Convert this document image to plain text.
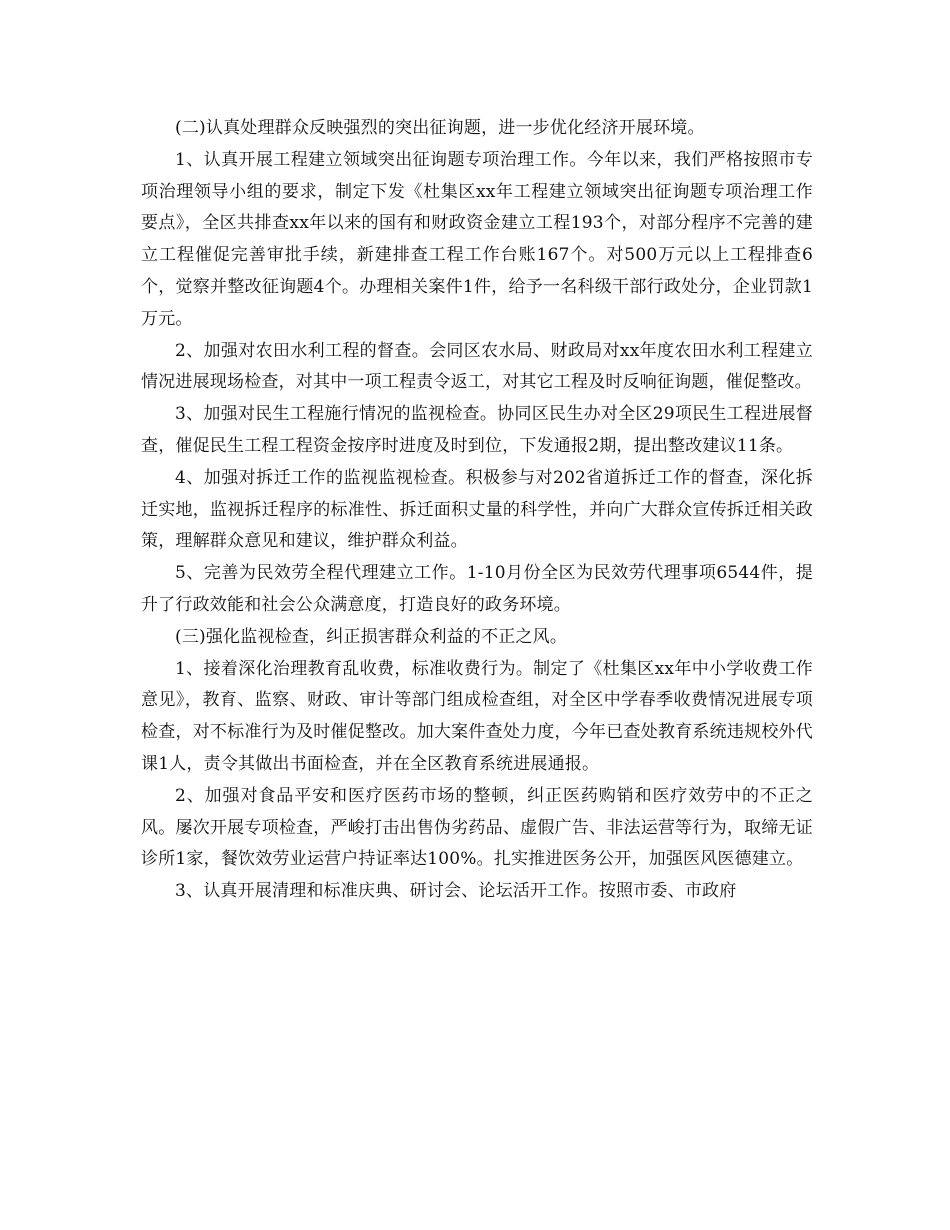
(二)认真处理群众反映强烈的突出征询题，进一步优化经济开展环境。

1、认真开展工程建立领域突出征询题专项治理工作。今年以来，我们严格按照市专项治理领导小组的要求，制定下发《杜集区xx年工程建立领域突出征询题专项治理工作要点》，全区共排查xx年以来的国有和财政资金建立工程193个，对部分程序不完善的建立工程催促完善审批手续，新建排查工程工作台账167个。对500万元以上工程排查6个，觉察并整改征询题4个。办理相关案件1件，给予一名科级干部行政处分，企业罚款1万元。

2、加强对农田水利工程的督查。会同区农水局、财政局对xx年度农田水利工程建立情况进展现场检查，对其中一项工程责令返工，对其它工程及时反响征询题，催促整改。

3、加强对民生工程施行情况的监视检查。协同区民生办对全区29项民生工程进展督查，催促民生工程工程资金按序时进度及时到位，下发通报2期，提出整改建议11条。

4、加强对拆迁工作的监视监视检查。积极参与对202省道拆迁工作的督查，深化拆迁实地，监视拆迁程序的标准性、拆迁面积丈量的科学性，并向广大群众宣传拆迁相关政策，理解群众意见和建议，维护群众利益。

5、完善为民效劳全程代理建立工作。1-10月份全区为民效劳代理事项6544件，提升了行政效能和社会公众满意度，打造良好的政务环境。

(三)强化监视检查，纠正损害群众利益的不正之风。

1、接着深化治理教育乱收费，标准收费行为。制定了《杜集区xx年中小学收费工作意见》，教育、监察、财政、审计等部门组成检查组，对全区中学春季收费情况进展专项检查，对不标准行为及时催促整改。加大案件查处力度，今年已查处教育系统违规校外代课1人，责令其做出书面检查，并在全区教育系统进展通报。

2、加强对食品平安和医疗医药市场的整顿，纠正医药购销和医疗效劳中的不正之风。屡次开展专项检查，严峻打击出售伪劣药品、虚假广告、非法运营等行为，取缔无证诊所1家，餐饮效劳业运营户持证率达100%。扎实推进医务公开，加强医风医德建立。

3、认真开展清理和标准庆典、研讨会、论坛活开工作。按照市委、市政府
